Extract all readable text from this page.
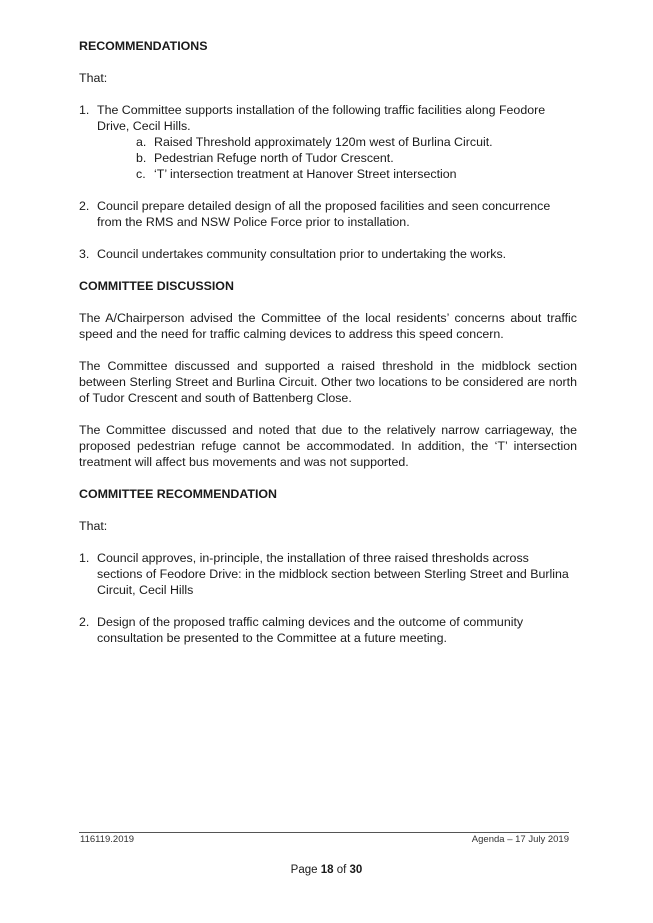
RECOMMENDATIONS

That:

1. The Committee supports installation of the following traffic facilities along Feodore Drive, Cecil Hills.

a. Raised Threshold approximately 120m west of Burlina Circuit.

b. Pedestrian Refuge north of Tudor Crescent.

c. ‘T’ intersection treatment at Hanover Street intersection

2. Council prepare detailed design of all the proposed facilities and seen concurrence from the RMS and NSW Police Force prior to installation.

3. Council undertakes community consultation prior to undertaking the works.

COMMITTEE DISCUSSION

The A/Chairperson advised the Committee of the local residents’ concerns about traffic speed and the need for traffic calming devices to address this speed concern.

The Committee discussed and supported a raised threshold in the midblock section between Sterling Street and Burlina Circuit. Other two locations to be considered are north of Tudor Crescent and south of Battenberg Close.

The Committee discussed and noted that due to the relatively narrow carriageway, the proposed pedestrian refuge cannot be accommodated. In addition, the ‘T’ intersection treatment will affect bus movements and was not supported.

COMMITTEE RECOMMENDATION

That:

1. Council approves, in-principle, the installation of three raised thresholds across sections of Feodore Drive: in the midblock section between Sterling Street and Burlina Circuit, Cecil Hills

2. Design of the proposed traffic calming devices and the outcome of community consultation be presented to the Committee at a future meeting.

116119.2019	Agenda – 17 July 2019
Page 18 of 30
